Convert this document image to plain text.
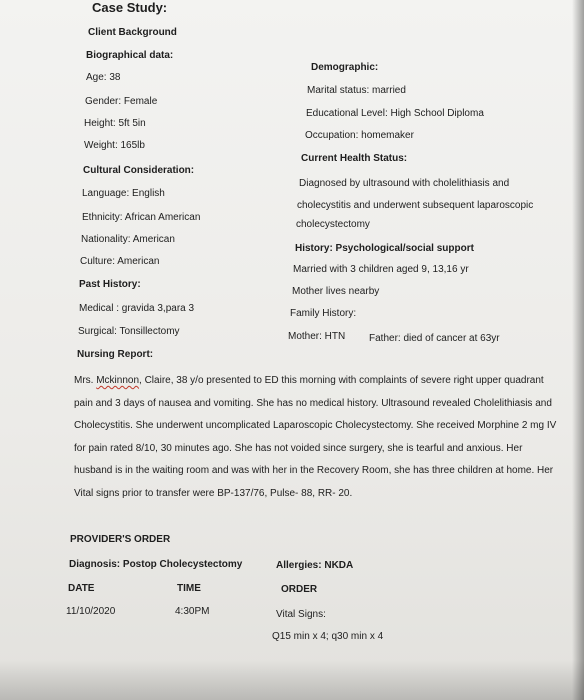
Case Study:
Client Background
Biographical data:
Age: 38
Gender: Female
Height: 5ft 5in
Weight: 165lb
Cultural Consideration:
Language: English
Ethnicity: African American
Nationality: American
Culture: American
Past History:
Medical : gravida 3,para 3
Surgical: Tonsillectomy
Demographic:
Marital status: married
Educational Level: High School Diploma
Occupation: homemaker
Current Health Status:
Diagnosed by ultrasound with cholelithiasis and
cholecystitis and underwent subsequent laparoscopic
cholecystectomy
History: Psychological/social support
Married with 3 children aged 9, 13,16 yr
Mother lives nearby
Family History:
Mother: HTN Father: died of cancer at 63yr
Nursing Report:
Mrs. Mckinnon, Claire, 38 y/o presented to ED this morning with complaints of severe right upper quadrant pain and 3 days of nausea and vomiting. She has no medical history. Ultrasound revealed Cholelithiasis and Cholecystitis. She underwent uncomplicated Laparoscopic Cholecystectomy. She received Morphine 2 mg IV for pain rated 8/10, 30 minutes ago. She has not voided since surgery, she is tearful and anxious. Her husband is in the waiting room and was with her in the Recovery Room, she has three children at home. Her Vital signs prior to transfer were BP-137/76, Pulse- 88, RR- 20.
PROVIDER'S ORDER
Diagnosis: Postop Cholecystectomy	Allergies: NKDA
DATE	TIME	ORDER
11/10/2020	4:30PM	Vital Signs:
Q15 min x 4; q30 min x 4
